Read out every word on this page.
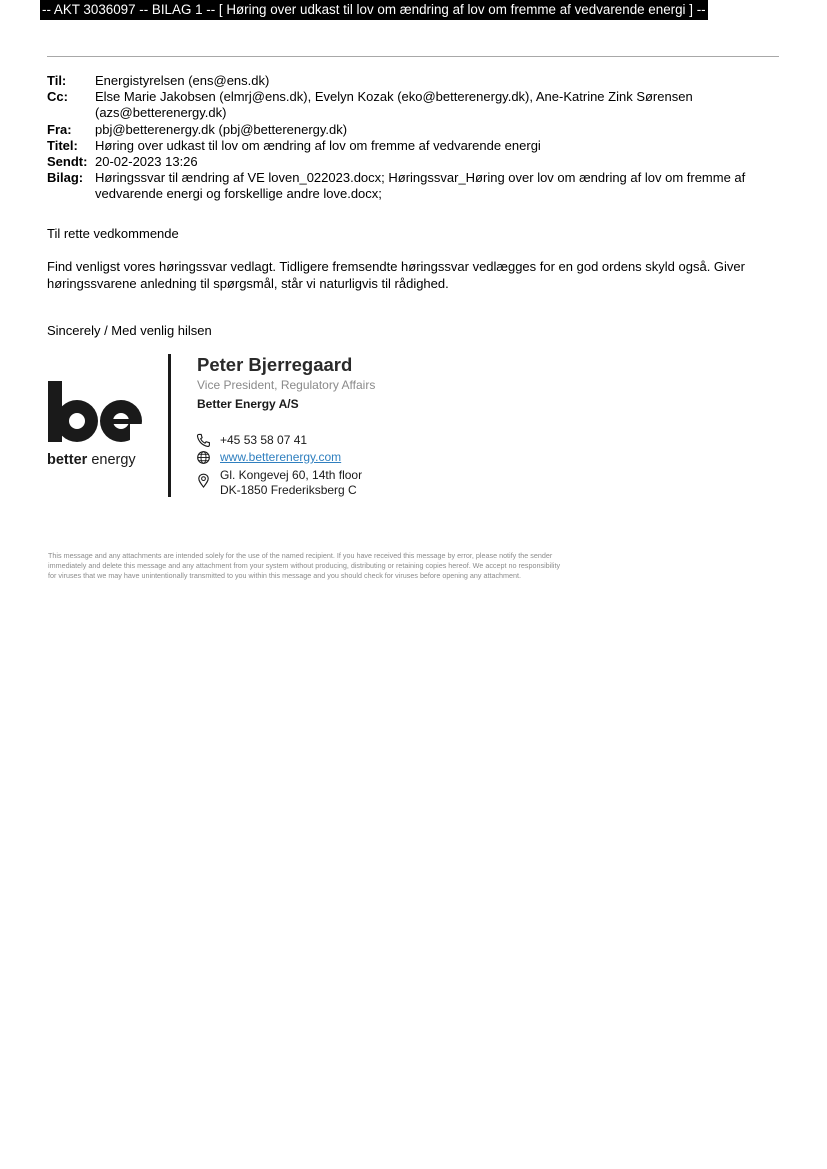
-- AKT 3036097 -- BILAG 1 -- [ Høring over udkast til lov om ændring af lov om fremme af vedvarende energi ] --
Til:	Energistyrelsen (ens@ens.dk)
Cc:	Else Marie Jakobsen (elmrj@ens.dk), Evelyn Kozak (eko@betterenergy.dk), Ane-Katrine Zink Sørensen (azs@betterenergy.dk)
Fra:	pbj@betterenergy.dk (pbj@betterenergy.dk)
Titel:	Høring over udkast til lov om ændring af lov om fremme af vedvarende energi
Sendt: 20-02-2023 13:26
Bilag: Høringssvar til ændring af VE loven_022023.docx; Høringssvar_Høring over lov om ændring af lov om fremme af vedvarende energi og forskellige andre love.docx;
Til rette vedkommende
Find venligst vores høringssvar vedlagt. Tidligere fremsendte høringssvar vedlægges for en god ordens skyld også. Giver høringssvarene anledning til spørgsmål, står vi naturligvis til rådighed.
Sincerely / Med venlig hilsen
better energy
Peter Bjerregaard
Vice President, Regulatory Affairs
Better Energy A/S
+45 53 58 07 41
www.betterenergy.com
Gl. Kongevej 60, 14th floor
DK-1850 Frederiksberg C
This message and any attachments are intended solely for the use of the named recipient. If you have received this message by error, please notify the sender immediately and delete this message and any attachment from your system without producing, distributing or retaining copies hereof. We accept no responsibility for viruses that we may have unintentionally transmitted to you within this message and you should check for viruses before opening any attachment.
